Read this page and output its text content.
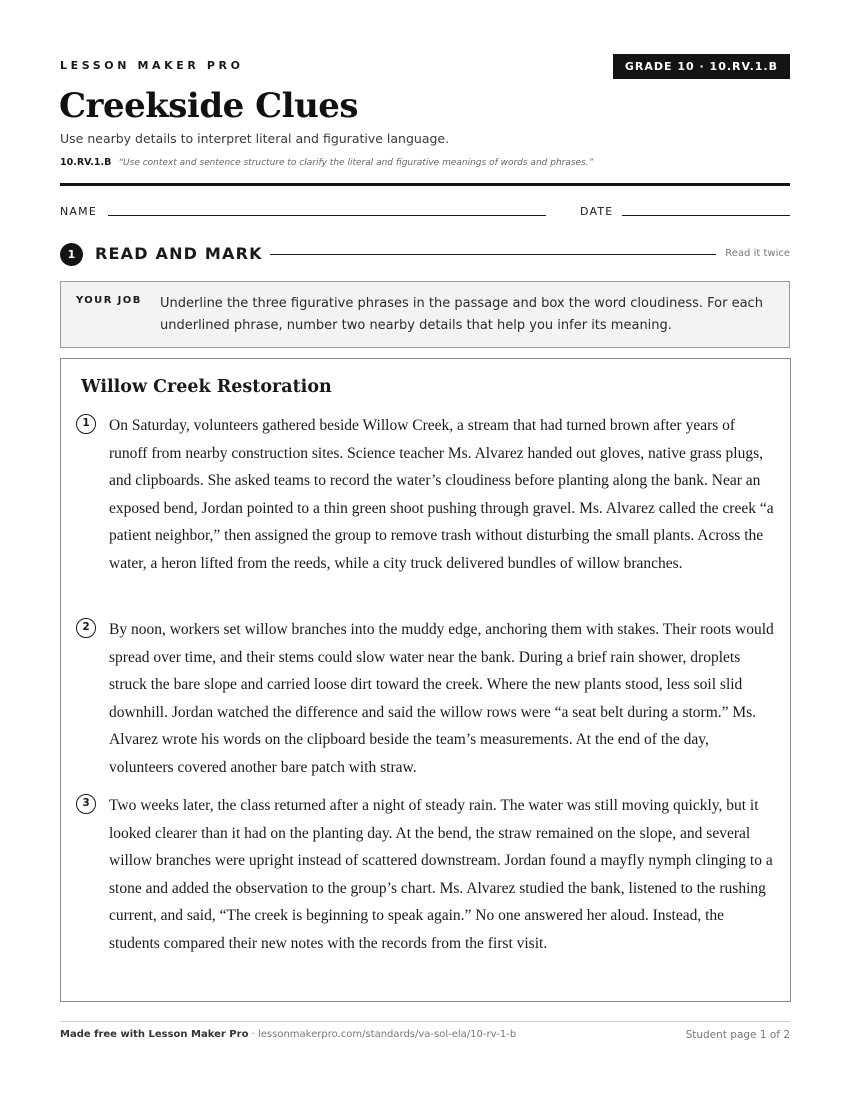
LESSON MAKER PRO	GRADE 10 · 10.RV.1.B
Creekside Clues
Use nearby details to interpret literal and figurative language.
10.RV.1.B “Use context and sentence structure to clarify the literal and figurative meanings of words and phrases.”
NAME	DATE
1	READ AND MARK	Read it twice
YOUR JOB Underline the three figurative phrases in the passage and box the word cloudiness. For each underlined phrase, number two nearby details that help you infer its meaning.
Willow Creek Restoration
1	On Saturday, volunteers gathered beside Willow Creek, a stream that had turned brown after years of runoff from nearby construction sites. Science teacher Ms. Alvarez handed out gloves, native grass plugs, and clipboards. She asked teams to record the water’s cloudiness before planting along the bank. Near an exposed bend, Jordan pointed to a thin green shoot pushing through gravel. Ms. Alvarez called the creek “a patient neighbor,” then assigned the group to remove trash without disturbing the small plants. Across the water, a heron lifted from the reeds, while a city truck delivered bundles of willow branches.

2	By noon, workers set willow branches into the muddy edge, anchoring them with stakes. Their roots would spread over time, and their stems could slow water near the bank. During a brief rain shower, droplets struck the bare slope and carried loose dirt toward the creek. Where the new plants stood, less soil slid downhill. Jordan watched the difference and said the willow rows were “a seat belt during a storm.” Ms. Alvarez wrote his words on the clipboard beside the team’s measurements. At the end of the day, volunteers covered another bare patch with straw.

3	Two weeks later, the class returned after a night of steady rain. The water was still moving quickly, but it looked clearer than it had on the planting day. At the bend, the straw remained on the slope, and several willow branches were upright instead of scattered downstream. Jordan found a mayfly nymph clinging to a stone and added the observation to the group’s chart. Ms. Alvarez studied the bank, listened to the rushing current, and said, “The creek is beginning to speak again.” No one answered her aloud. Instead, the students compared their new notes with the records from the first visit.

Made free with Lesson Maker Pro · lessonmakerpro.com/standards/va-sol-ela/10-rv-1-b	Student page 1 of 2
